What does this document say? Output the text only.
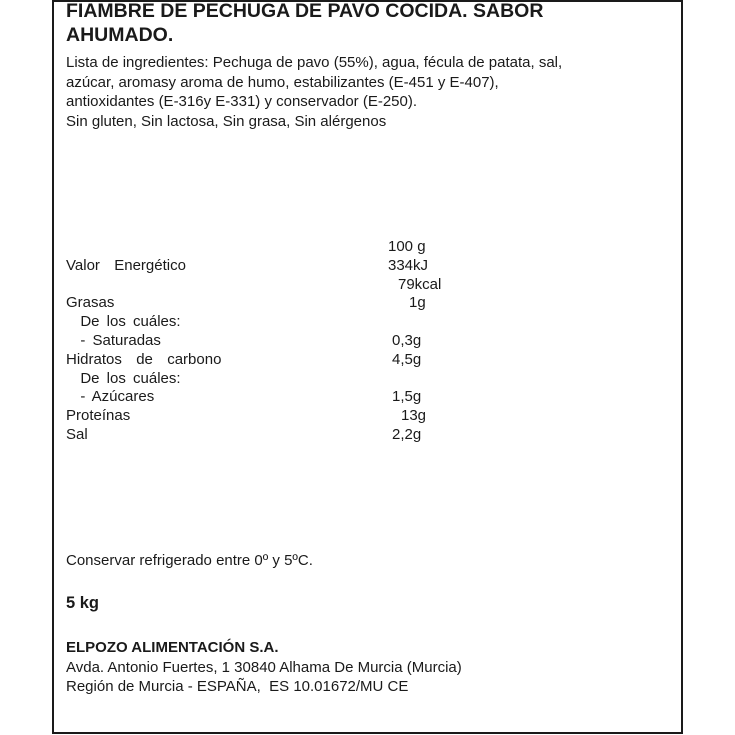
FIAMBRE DE PECHUGA DE PAVO COCIDA. SABOR
AHUMADO.

Lista de ingredientes: Pechuga de pavo (55%), agua, fécula de patata, sal,

azúcar, aromasy aroma de humo, estabilizantes (E-451 y E-407),

antioxidantes (E-316y E-331) y conservador (E-250).

Sin gluten, Sin lactosa, Sin grasa, Sin alérgenos
100 g
Valor  Energético	334kJ
79kcal
Grasas	1g
De los cuáles:
- Saturadas	0,3g
Hidratos  de  carbono	4,5g
De los cuáles:
- Azúcares	1,5g
Proteínas	13g
Sal	2,2g
Conservar refrigerado entre 0º y 5ºC.
5 kg
ELPOZO ALIMENTACIÓN S.A.
Avda. Antonio Fuertes, 1 30840 Alhama De Murcia (Murcia)
Región de Murcia - ESPAÑA,  ES 10.01672/MU CE
